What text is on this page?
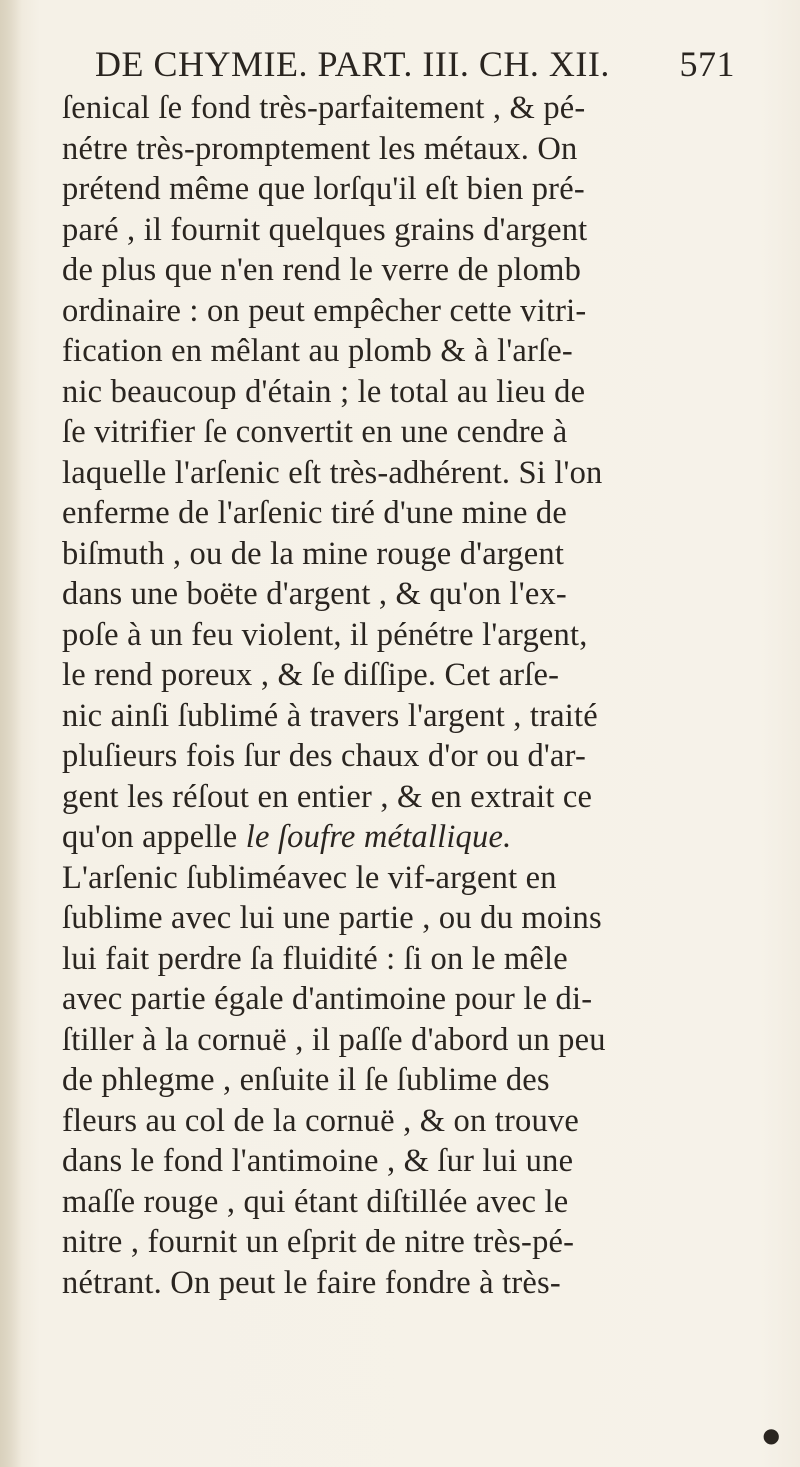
DE CHYMIE. PART. III. CH. XII. 571
ſenical ſe fond très-parfaitement , & pé-
nétre très-promptement les métaux. On
prétend même que lorſqu'il eſt bien pré-
paré , il fournit quelques grains d'argent
de plus que n'en rend le verre de plomb
ordinaire : on peut empêcher cette vitri-
fication en mêlant au plomb & à l'arſe-
nic beaucoup d'étain ; le total au lieu de
ſe vitrifier ſe convertit en une cendre à
laquelle l'arſenic eſt très-adhérent. Si l'on
enferme de l'arſenic tiré d'une mine de
biſmuth , ou de la mine rouge d'argent
dans une boëte d'argent , & qu'on l'ex-
poſe à un feu violent, il pénétre l'argent,
le rend poreux , & ſe diſſipe. Cet arſe-
nic ainſi ſublimé à travers l'argent , traité
pluſieurs fois ſur des chaux d'or ou d'ar-
gent les réſout en entier , & en extrait ce
qu'on appelle le ſoufre métallique.
L'arſenic ſubliméavec le vif-argent en
ſublime avec lui une partie , ou du moins
lui fait perdre ſa fluidité : ſi on le mêle
avec partie égale d'antimoine pour le di-
ſtiller à la cornuë , il paſſe d'abord un peu
de phlegme , enſuite il ſe ſublime des
fleurs au col de la cornuë , & on trouve
dans le fond l'antimoine , & ſur lui une
maſſe rouge , qui étant diſtillée avec le
nitre , fournit un eſprit de nitre très-pé-
nétrant. On peut le faire fondre à très-
●
